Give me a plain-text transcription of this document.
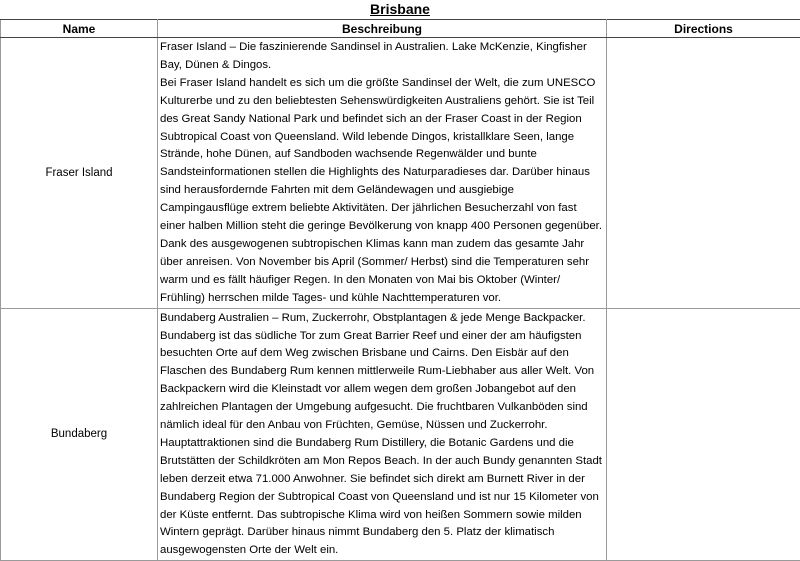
Brisbane
Name	Beschreibung	Directions
Fraser Island	Fraser Island – Die faszinierende Sandinsel in Australien. Lake McKenzie, Kingfisher Bay, Dünen & Dingos.

Bei Fraser Island handelt es sich um die größte Sandinsel der Welt, die zum UNESCO Kulturerbe und zu den beliebtesten Sehenswürdigkeiten Australiens gehört. Sie ist Teil des Great Sandy National Park und befindet sich an der Fraser Coast in der Region Subtropical Coast von Queensland. Wild lebende Dingos, kristallklare Seen, lange Strände, hohe Dünen, auf Sandboden wachsende Regenwälder und bunte Sandsteinformationen stellen die Highlights des Naturparadieses dar. Darüber hinaus sind herausfordernde Fahrten mit dem Geländewagen und ausgiebige Campingausflüge extrem beliebte Aktivitäten. Der jährlichen Besucherzahl von fast einer halben Million steht die geringe Bevölkerung von knapp 400 Personen gegenüber. Dank des ausgewogenen subtropischen Klimas kann man zudem das gesamte Jahr über anreisen. Von November bis April (Sommer/ Herbst) sind die Temperaturen sehr warm und es fällt häufiger Regen. In den Monaten von Mai bis Oktober (Winter/ Frühling) herrschen milde Tages- und kühle Nachttemperaturen vor.	

Bundaberg	Bundaberg Australien – Rum, Zuckerrohr, Obstplantagen & jede Menge Backpacker.

Bundaberg ist das südliche Tor zum Great Barrier Reef und einer der am häufigsten besuchten Orte auf dem Weg zwischen Brisbane und Cairns. Den Eisbär auf den Flaschen des Bundaberg Rum kennen mittlerweile Rum-Liebhaber aus aller Welt. Von Backpackern wird die Kleinstadt vor allem wegen dem großen Jobangebot auf den zahlreichen Plantagen der Umgebung aufgesucht. Die fruchtbaren Vulkanböden sind nämlich ideal für den Anbau von Früchten, Gemüse, Nüssen und Zuckerrohr. Hauptattraktionen sind die Bundaberg Rum Distillery, die Botanic Gardens und die Brutstätten der Schildkröten am Mon Repos Beach. In der auch Bundy genannten Stadt leben derzeit etwa 71.000 Anwohner. Sie befindet sich direkt am Burnett River in der Bundaberg Region der Subtropical Coast von Queensland und ist nur 15 Kilometer von der Küste entfernt. Das subtropische Klima wird von heißen Sommern sowie milden Wintern geprägt. Darüber hinaus nimmt Bundaberg den 5. Platz der klimatisch ausgewogensten Orte der Welt ein.	
